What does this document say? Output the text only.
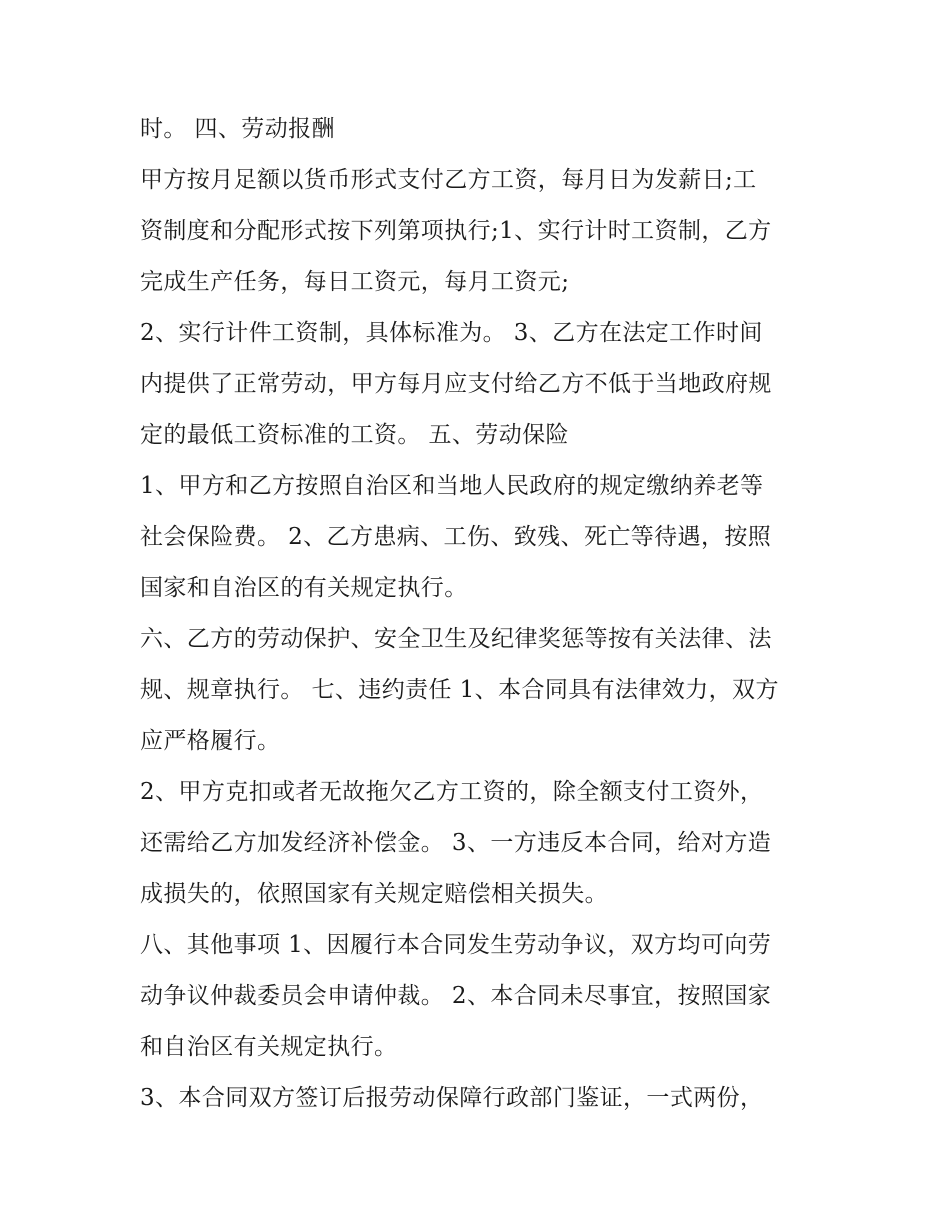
时。 四、劳动报酬
甲方按月足额以货币形式支付乙方工资，每月日为发薪日;工
资制度和分配形式按下列第项执行;1、实行计时工资制，乙方
完成生产任务，每日工资元，每月工资元;
2、实行计件工资制，具体标准为。 3、乙方在法定工作时间
内提供了正常劳动，甲方每月应支付给乙方不低于当地政府规
定的最低工资标准的工资。 五、劳动保险
1、甲方和乙方按照自治区和当地人民政府的规定缴纳养老等
社会保险费。 2、乙方患病、工伤、致残、死亡等待遇，按照
国家和自治区的有关规定执行。
六、乙方的劳动保护、安全卫生及纪律奖惩等按有关法律、法
规、规章执行。 七、违约责任 1、本合同具有法律效力，双方
应严格履行。
2、甲方克扣或者无故拖欠乙方工资的，除全额支付工资外，
还需给乙方加发经济补偿金。 3、一方违反本合同，给对方造
成损失的，依照国家有关规定赔偿相关损失。
八、其他事项 1、因履行本合同发生劳动争议，双方均可向劳
动争议仲裁委员会申请仲裁。 2、本合同未尽事宜，按照国家
和自治区有关规定执行。
3、本合同双方签订后报劳动保障行政部门鉴证，一式两份，
